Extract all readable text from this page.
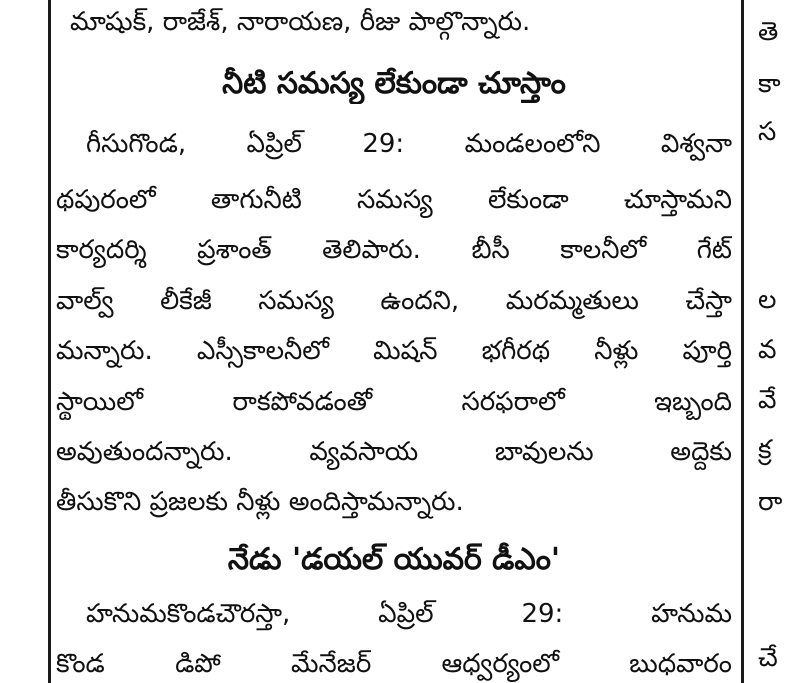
మాషుక్, రాజేశ్, నారాయణ, రీజు పాల్గొన్నారు.
నీటి సమస్య లేకుండా చూస్తాం
గీసుగొండ, ఏప్రిల్ 29: మండలంలోని విశ్వనా
థపురంలో తాగునీటి సమస్య లేకుండా చూస్తామని
కార్యదర్శి ప్రశాంత్ తెలిపారు. బీసీ కాలనీలో గేట్
వాల్వ్ లీకేజీ సమస్య ఉందని, మరమ్మతులు చేస్తా
మన్నారు. ఎస్సీకాలనీలో మిషన్ భగీరథ నీళ్లు పూర్తి
స్థాయిలో రాకపోవడంతో సరఫరాలో ఇబ్బంది
అవుతుందన్నారు. వ్యవసాయ బావులను అద్దెకు
తీసుకొని ప్రజలకు నీళ్లు అందిస్తామన్నారు.
నేడు 'డయల్ యువర్ డీఎం'
హనుమకొండచౌరస్తా, ఏప్రిల్ 29: హనుమ
కొండ డిపో మేనేజర్ ఆధ్వర్యంలో బుధవారం
తె
కా
స
ల
వ
వే
క్ర
రా
చే
